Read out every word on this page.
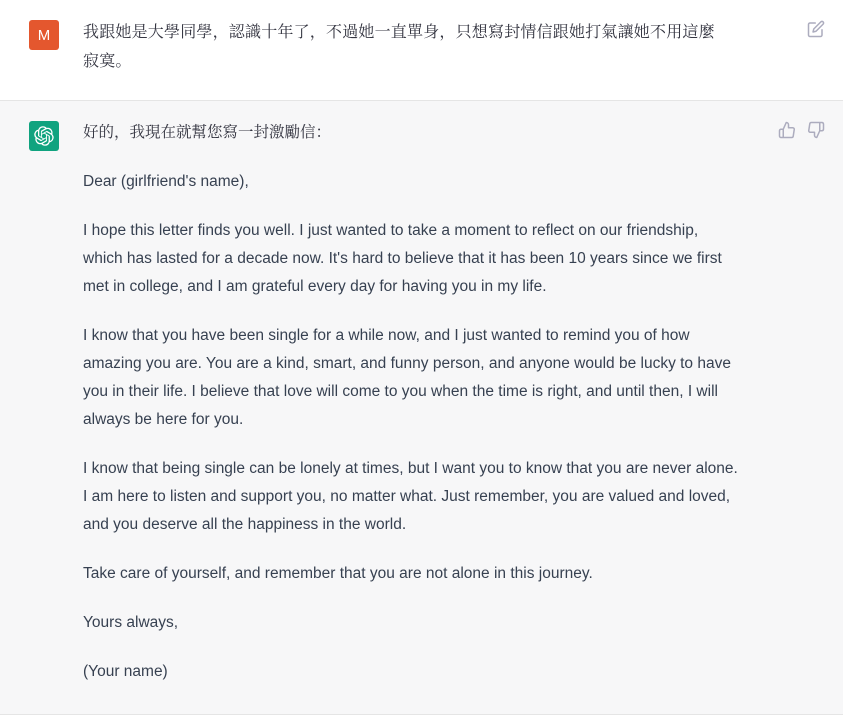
M	我跟她是大學同學，認識十年了，不過她一直單身，只想寫封情信跟她打氣讓她不用這麼寂寞。

好的，我現在就幫您寫一封激勵信：

Dear (girlfriend's name),

I hope this letter finds you well. I just wanted to take a moment to reflect on our friendship, which has lasted for a decade now. It's hard to believe that it has been 10 years since we first met in college, and I am grateful every day for having you in my life.

I know that you have been single for a while now, and I just wanted to remind you of how amazing you are. You are a kind, smart, and funny person, and anyone would be lucky to have you in their life. I believe that love will come to you when the time is right, and until then, I will always be here for you.

I know that being single can be lonely at times, but I want you to know that you are never alone. I am here to listen and support you, no matter what. Just remember, you are valued and loved, and you deserve all the happiness in the world.

Take care of yourself, and remember that you are not alone in this journey.

Yours always,

(Your name)
